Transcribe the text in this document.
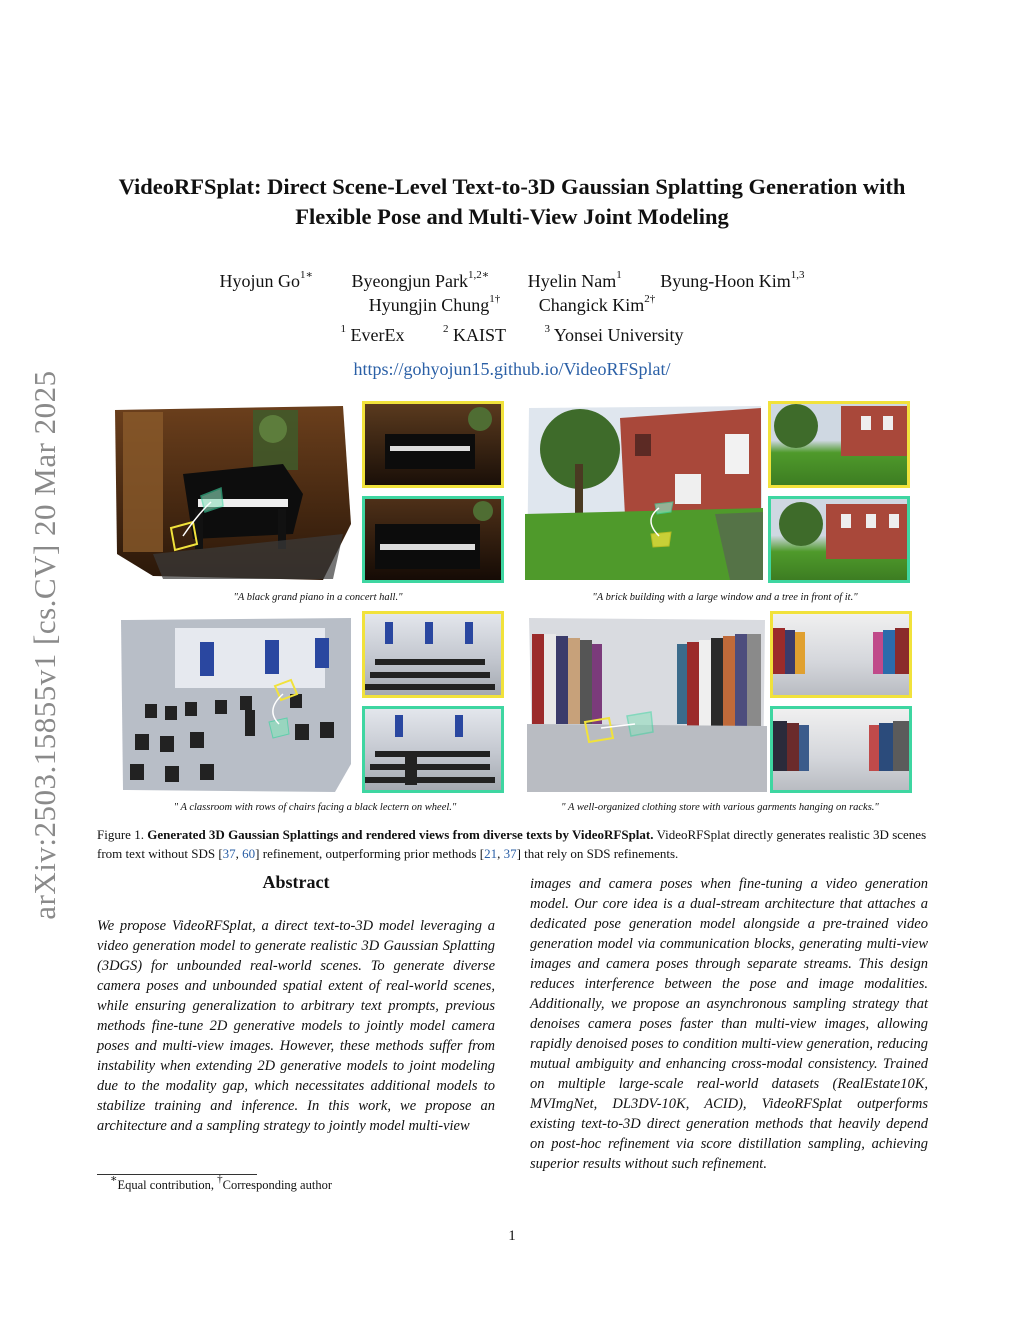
arXiv:2503.15855v1 [cs.CV] 20 Mar 2025
VideoRFSplat: Direct Scene-Level Text-to-3D Gaussian Splatting Generation with
Flexible Pose and Multi-View Joint Modeling
Hyojun $Go^{1∗}$ Byeongjun Park$^{1,2∗}$ Hyelin Nam$^1$ Byung-Hoon Kim$^{1,3}$
Hyungjin Chung$^{1\dagger}$ Changick Kim$^{2\dagger}$
$^1$ EverEx	$^2$ KAIST	$^3$ Yonsei University
https://gohyojun15.github.io/VideoRFSplat/
"A black grand piano in a concert hall."	"A brick building with a large window and a tree in front of it."
" A classroom with rows of chairs facing a black lectern on wheel."	" A well-organized clothing store with various garments hanging on racks."
Figure 1. Generated 3D Gaussian Splattings and rendered views from diverse texts by VideoRFSplat. VideoRFSplat directly generates realistic 3D scenes from text without SDS [37, 60] refinement, outperforming prior methods [21, 37] that rely on SDS refinements.
Abstract
We propose VideoRFSplat, a direct text-to-3D model leveraging a video generation model to generate realistic 3D Gaussian Splatting (3DGS) for unbounded real-world scenes. To generate diverse camera poses and unbounded spatial extent of real-world scenes, while ensuring generalization to arbitrary text prompts, previous methods fine-tune 2D generative models to jointly model camera poses and multi-view images. However, these methods suffer from instability when extending 2D generative models to joint modeling due to the modality gap, which necessitates additional models to stabilize training and inference. In this work, we propose an architecture and a sampling strategy to jointly model multi-view
images and camera poses when fine-tuning a video generation model. Our core idea is a dual-stream architecture that attaches a dedicated pose generation model alongside a pre-trained video generation model via communication blocks, generating multi-view images and camera poses through separate streams. This design reduces interference between the pose and image modalities. Additionally, we propose an asynchronous sampling strategy that denoises camera poses faster than multi-view images, allowing rapidly denoised poses to condition multi-view generation, reducing mutual ambiguity and enhancing cross-modal consistency. Trained on multiple large-scale real-world datasets (RealEstate10K, MVImgNet, DL3DV-10K, ACID), VideoRFSplat outperforms existing text-to-3D direct generation methods that heavily depend on post-hoc refinement via score distillation sampling, achieving superior results without such refinement.
∗Equal contribution, †Corresponding author
1
